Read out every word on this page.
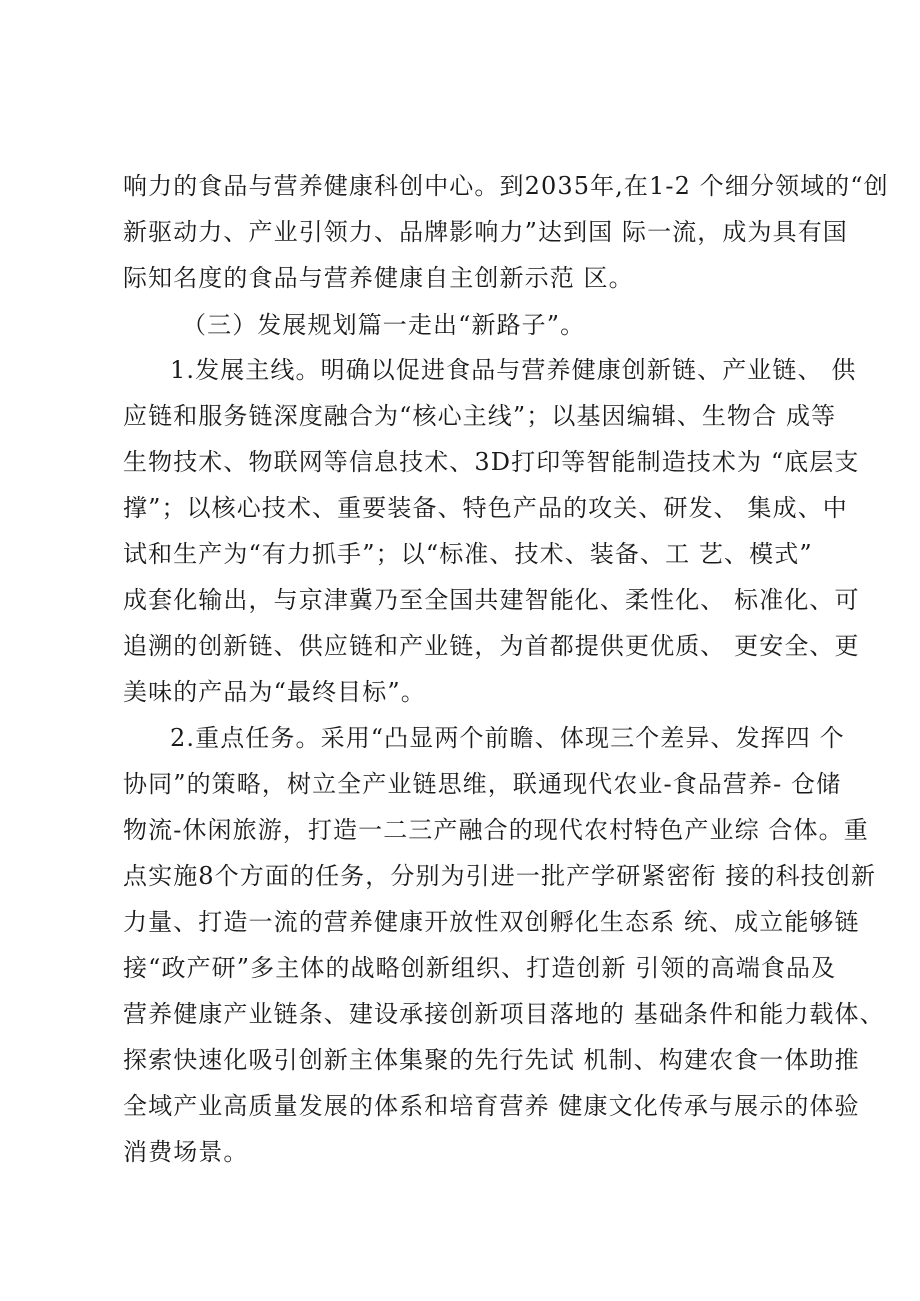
响力的食品与营养健康科创中心。到2035年,在1-2 个细分领域的“创
新驱动力、产业引领力、品牌影响力”达到国 际一流，成为具有国
际知名度的食品与营养健康自主创新示范 区。
（三）发展规划篇一走出“新路子”。
1.发展主线。明确以促进食品与营养健康创新链、产业链、 供
应链和服务链深度融合为“核心主线”；以基因编辑、生物合 成等
生物技术、物联网等信息技术、3D打印等智能制造技术为 “底层支
撑”；以核心技术、重要装备、特色产品的攻关、研发、 集成、中
试和生产为“有力抓手”；以“标准、技术、装备、工 艺、模式”
成套化输出，与京津冀乃至全国共建智能化、柔性化、 标准化、可
追溯的创新链、供应链和产业链，为首都提供更优质、 更安全、更
美味的产品为“最终目标”。
2.重点任务。采用“凸显两个前瞻、体现三个差异、发挥四 个
协同”的策略，树立全产业链思维，联通现代农业-食品营养- 仓储
物流-休闲旅游，打造一二三产融合的现代农村特色产业综 合体。重
点实施8个方面的任务，分别为引进一批产学研紧密衔 接的科技创新
力量、打造一流的营养健康开放性双创孵化生态系 统、成立能够链
接“政产研”多主体的战略创新组织、打造创新 引领的高端食品及
营养健康产业链条、建设承接创新项目落地的 基础条件和能力载体、
探索快速化吸引创新主体集聚的先行先试 机制、构建农食一体助推
全域产业高质量发展的体系和培育营养 健康文化传承与展示的体验
消费场景。
